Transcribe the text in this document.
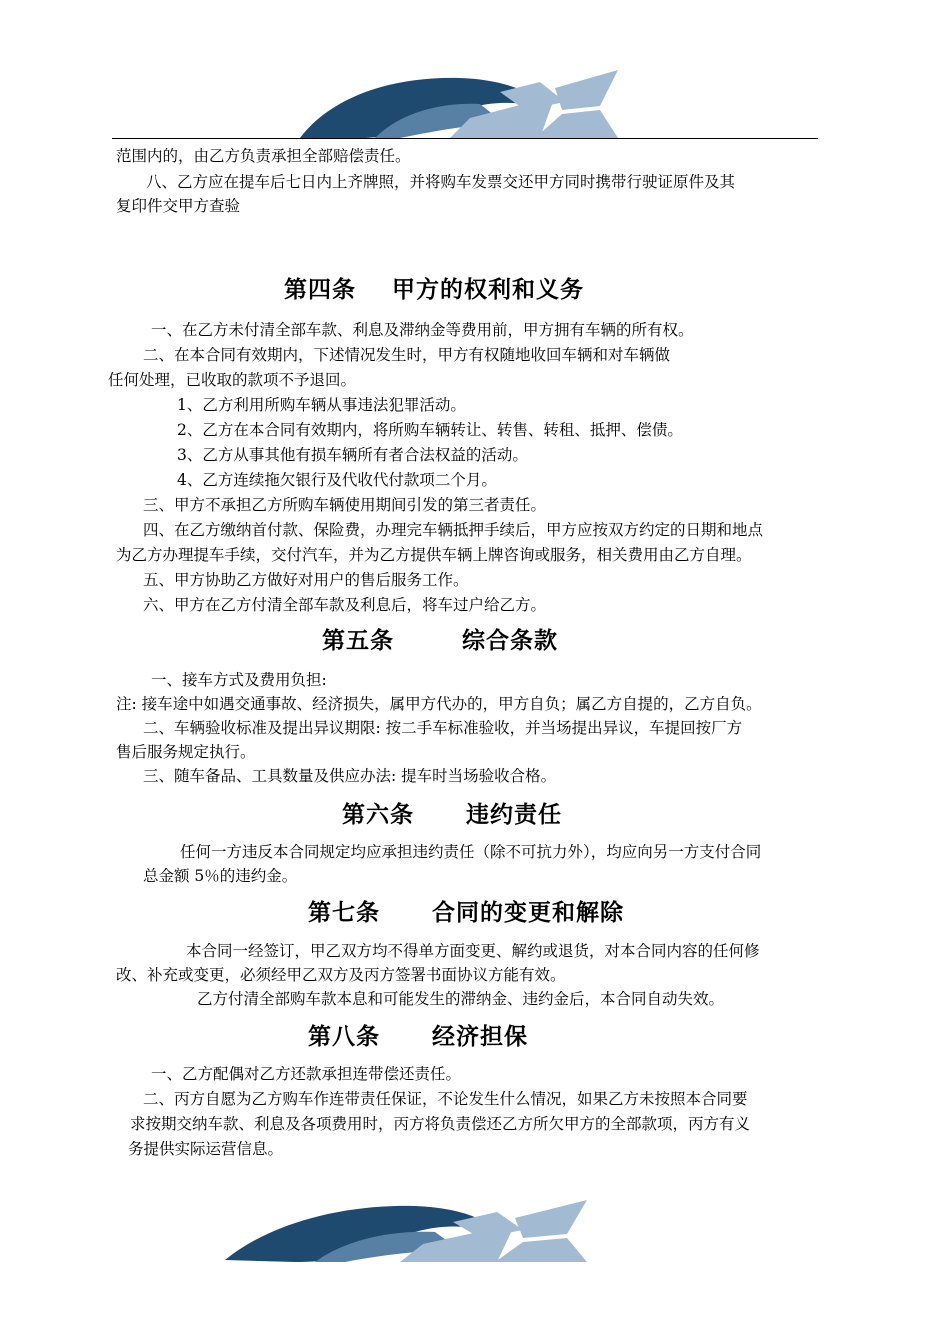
范围内的，由乙方负责承担全部赔偿责任。
八、乙方应在提车后七日内上齐牌照，并将购车发票交还甲方同时携带行驶证原件及其
复印件交甲方查验
第四条 甲方的权利和义务
一、在乙方未付清全部车款、利息及滞纳金等费用前，甲方拥有车辆的所有权。
二、在本合同有效期内，下述情况发生时，甲方有权随地收回车辆和对车辆做
任何处理，已收取的款项不予退回。
1、乙方利用所购车辆从事违法犯罪活动。
2、乙方在本合同有效期内，将所购车辆转让、转售、转租、抵押、偿债。
3、乙方从事其他有损车辆所有者合法权益的活动。
4、乙方连续拖欠银行及代收代付款项二个月。
三、甲方不承担乙方所购车辆使用期间引发的第三者责任。
四、在乙方缴纳首付款、保险费，办理完车辆抵押手续后，甲方应按双方约定的日期和地点
为乙方办理提车手续，交付汽车，并为乙方提供车辆上牌咨询或服务，相关费用由乙方自理。
五、甲方协助乙方做好对用户的售后服务工作。
六、甲方在乙方付清全部车款及利息后，将车过户给乙方。
第五条	综合条款
一、接车方式及费用负担:
注: 接车途中如遇交通事故、经济损失，属甲方代办的，甲方自负；属乙方自提的，乙方自负。
二、车辆验收标准及提出异议期限: 按二手车标准验收，并当场提出异议，车提回按厂方
售后服务规定执行。
三、随车备品、工具数量及供应办法: 提车时当场验收合格。
第六条 违约责任
任何一方违反本合同规定均应承担违约责任（除不可抗力外），均应向另一方支付合同
总金额 5％的违约金。
第七条 合同的变更和解除
本合同一经签订，甲乙双方均不得单方面变更、解约或退货，对本合同内容的任何修
改、补充或变更，必须经甲乙双方及丙方签署书面协议方能有效。
乙方付清全部购车款本息和可能发生的滞纳金、违约金后，本合同自动失效。
第八条 经济担保
一、乙方配偶对乙方还款承担连带偿还责任。
二、丙方自愿为乙方购车作连带责任保证，不论发生什么情况，如果乙方未按照本合同要
求按期交纳车款、利息及各项费用时，丙方将负责偿还乙方所欠甲方的全部款项，丙方有义
务提供实际运营信息。
